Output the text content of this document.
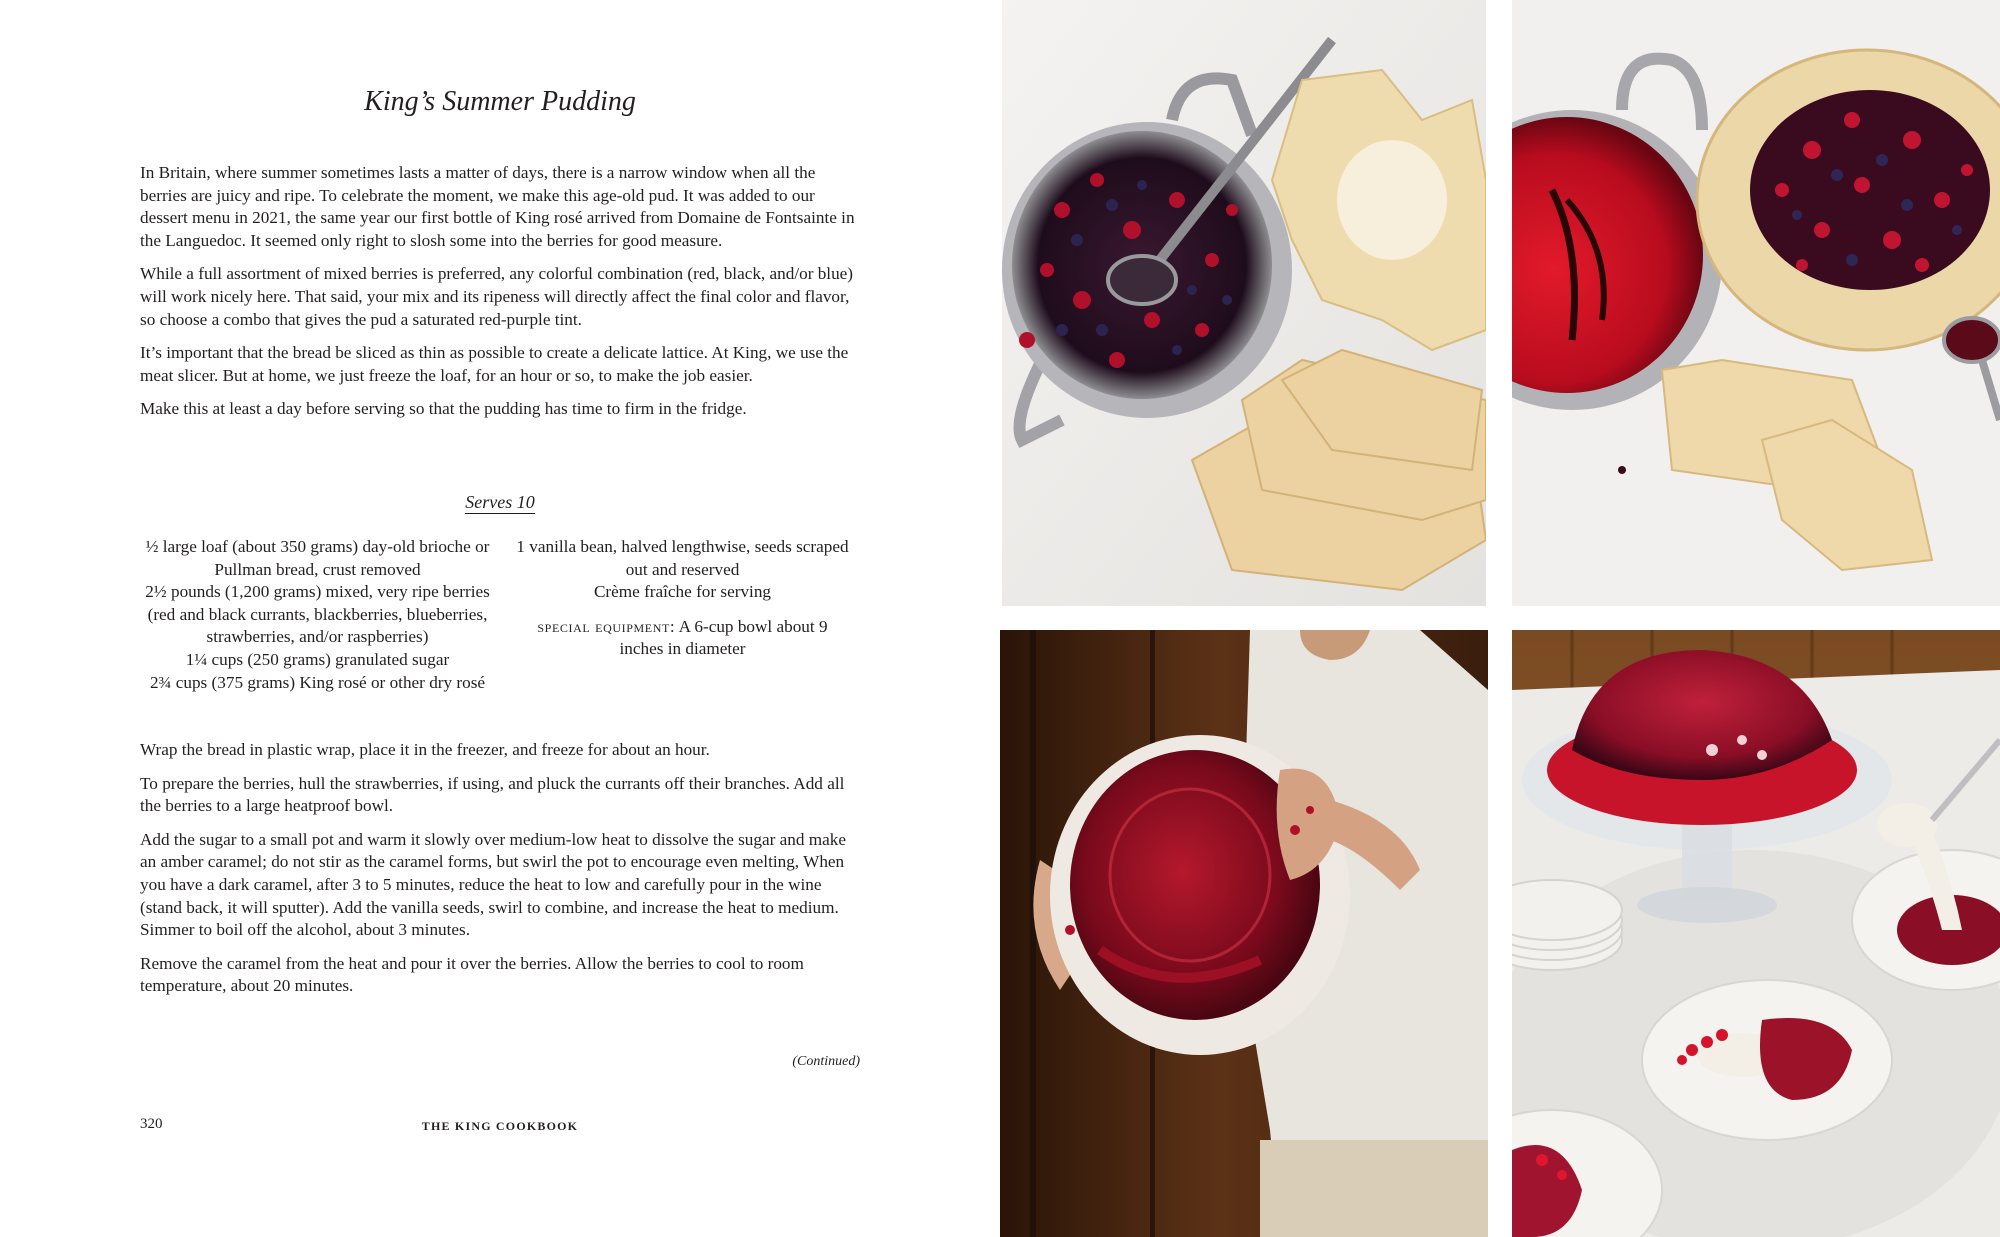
King’s Summer Pudding

In Britain, where summer sometimes lasts a matter of days, there is a narrow window when all the berries are juicy and ripe. To celebrate the moment, we make this age-old pud. It was added to our dessert menu in 2021, the same year our first bottle of King rosé arrived from Domaine de Fontsainte in the Languedoc. It seemed only right to slosh some into the berries for good measure.

While a full assortment of mixed berries is preferred, any colorful combination (red, black, and/or blue) will work nicely here. That said, your mix and its ripeness will directly affect the final color and flavor, so choose a combo that gives the pud a saturated red-purple tint.

It’s important that the bread be sliced as thin as possible to create a delicate lattice. At King, we use the meat slicer. But at home, we just freeze the loaf, for an hour or so, to make the job easier.

Make this at least a day before serving so that the pudding has time to firm in the fridge.

Serves 10
½ large loaf (about 350 grams) day-old brioche or Pullman bread, crust removed
2½ pounds (1,200 grams) mixed, very ripe berries (red and black currants, blackberries, blueberries, strawberries, and/or raspberries)
1¼ cups (250 grams) granulated sugar
2¾ cups (375 grams) King rosé or other dry rosé
1 vanilla bean, halved lengthwise, seeds scraped out and reserved
Crème fraîche for serving
special equipment: A 6-cup bowl about 9 inches in diameter

Wrap the bread in plastic wrap, place it in the freezer, and freeze for about an hour.

To prepare the berries, hull the strawberries, if using, and pluck the currants off their branches. Add all the berries to a large heatproof bowl.

Add the sugar to a small pot and warm it slowly over medium-low heat to dissolve the sugar and make an amber caramel; do not stir as the caramel forms, but swirl the pot to encourage even melting, When you have a dark caramel, after 3 to 5 minutes, reduce the heat to low and carefully pour in the wine (stand back, it will sputter). Add the vanilla seeds, swirl to combine, and increase the heat to medium. Simmer to boil off the alcohol, about 3 minutes.

Remove the caramel from the heat and pour it over the berries. Allow the berries to cool to room temperature, about 20 minutes.

(Continued)
320	THE KING COOKBOOK
